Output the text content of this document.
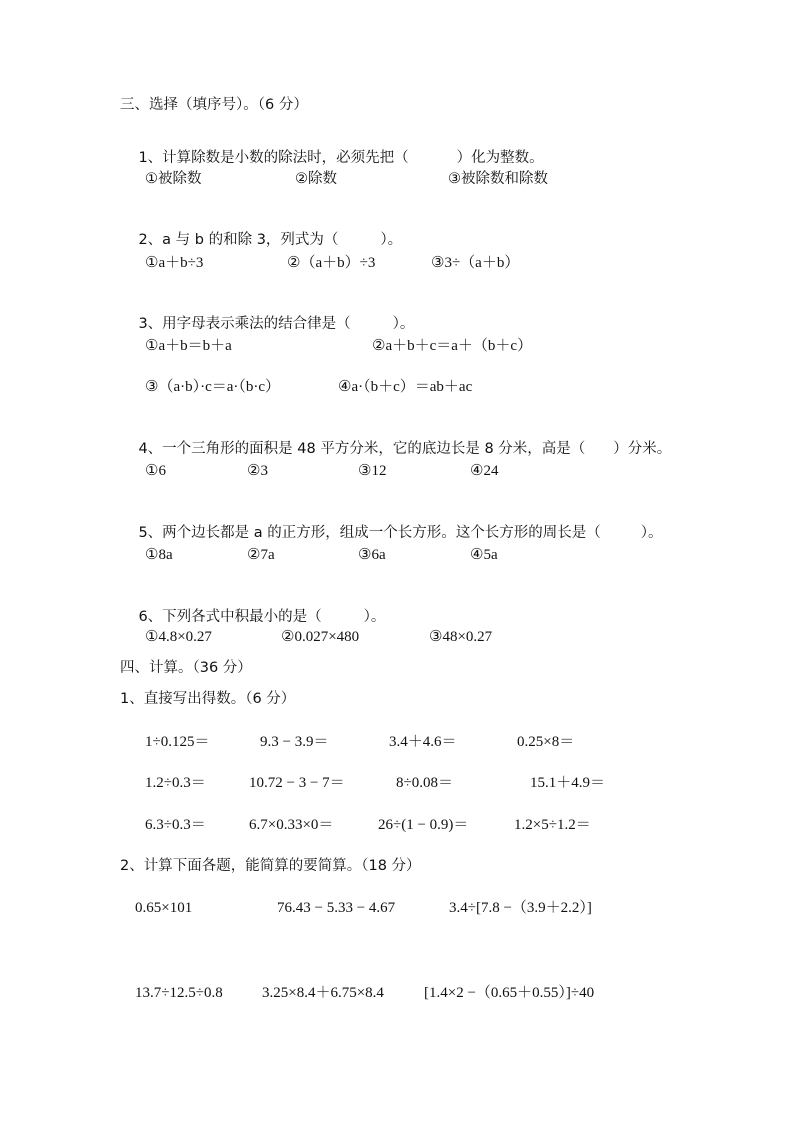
三、选择（填序号）。（6 分）

1、计算除数是小数的除法时，必须先把（	）化为整数。

①被除数	②除数	③被除数和除数

2、a 与 b 的和除 3，列式为（	）。

①a＋b÷3	②（a＋b）÷3	③3÷（a＋b）

3、用字母表示乘法的结合律是（	）。

①a＋b＝b＋a	②a＋b＋c＝a＋（b＋c）
③（a·b）·c＝a·（b·c）	④a·（b＋c）＝ab＋ac

4、一个三角形的面积是 48 平方分米，它的底边长是 8 分米，高是（ ）分米。

①6	②3	③12	④24

5、两个边长都是 a 的正方形，组成一个长方形。这个长方形的周长是（	）。

①8a	②7a	③6a	④5a

6、下列各式中积最小的是（	）。

①4.8×0.27	②0.027×480	③48×0.27
四、计算。（36 分）
1、直接写出得数。（6 分）
1÷0.125＝	9.3 − 3.9＝	3.4＋4.6＝	0.25×8＝
1.2÷0.3＝	10.72 − 3 − 7＝	8÷0.08＝	15.1＋4.9＝
6.3÷0.3＝	6.7×0.33×0＝	26÷(1 − 0.9)＝	1.2×5÷1.2＝
2、计算下面各题，能简算的要简算。（18 分）
0.65×101	76.43 − 5.33 − 4.67	3.4÷[7.8 −（3.9＋2.2）]
13.7÷12.5÷0.8	3.25×8.4＋6.75×8.4	[1.4×2 −（0.65＋0.55）]÷40
